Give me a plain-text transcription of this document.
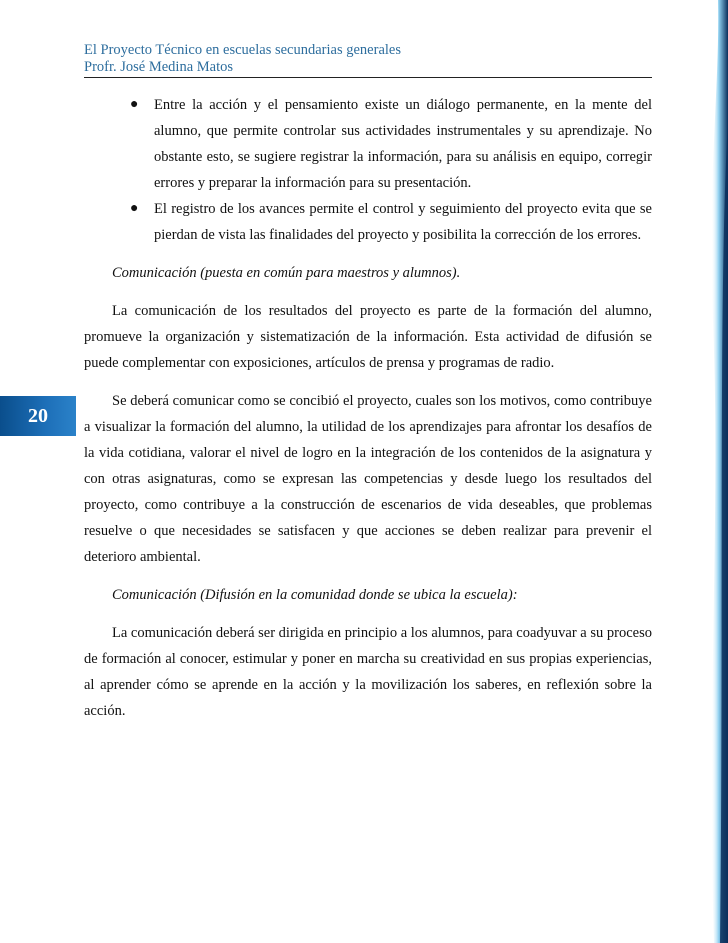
El Proyecto Técnico en escuelas secundarias generales
Profr. José Medina Matos
● Entre la acción y el pensamiento existe un diálogo permanente, en la mente del alumno, que permite controlar sus actividades instrumentales y su aprendizaje. No obstante esto, se sugiere registrar la información, para su análisis en equipo, corregir errores y preparar la información para su presentación.
● El registro de los avances permite el control y seguimiento del proyecto evita que se pierdan de vista las finalidades del proyecto y posibilita la corrección de los errores.
Comunicación (puesta en común para maestros y alumnos).

La comunicación de los resultados del proyecto es parte de la formación del alumno, promueve la organización y sistematización de la información. Esta actividad de difusión se puede complementar con exposiciones, artículos de prensa y programas de radio.

Se deberá comunicar como se concibió el proyecto, cuales son los motivos, como contribuye a visualizar la formación del alumno, la utilidad de los aprendizajes para afrontar los desafíos de la vida cotidiana, valorar el nivel de logro en la integración de los contenidos de la asignatura y con otras asignaturas, como se expresan las competencias y desde luego los resultados del proyecto, como contribuye a la construcción de escenarios de vida deseables, que problemas resuelve o que necesidades se satisfacen y que acciones se deben realizar para prevenir el deterioro ambiental.

Comunicación (Difusión en la comunidad donde se ubica la escuela):

La comunicación deberá ser dirigida en principio a los alumnos, para coadyuvar a su proceso de formación al conocer, estimular y poner en marcha su creatividad en sus propias experiencias, al aprender cómo se aprende en la acción y la movilización los saberes, en reflexión sobre la acción.

20
